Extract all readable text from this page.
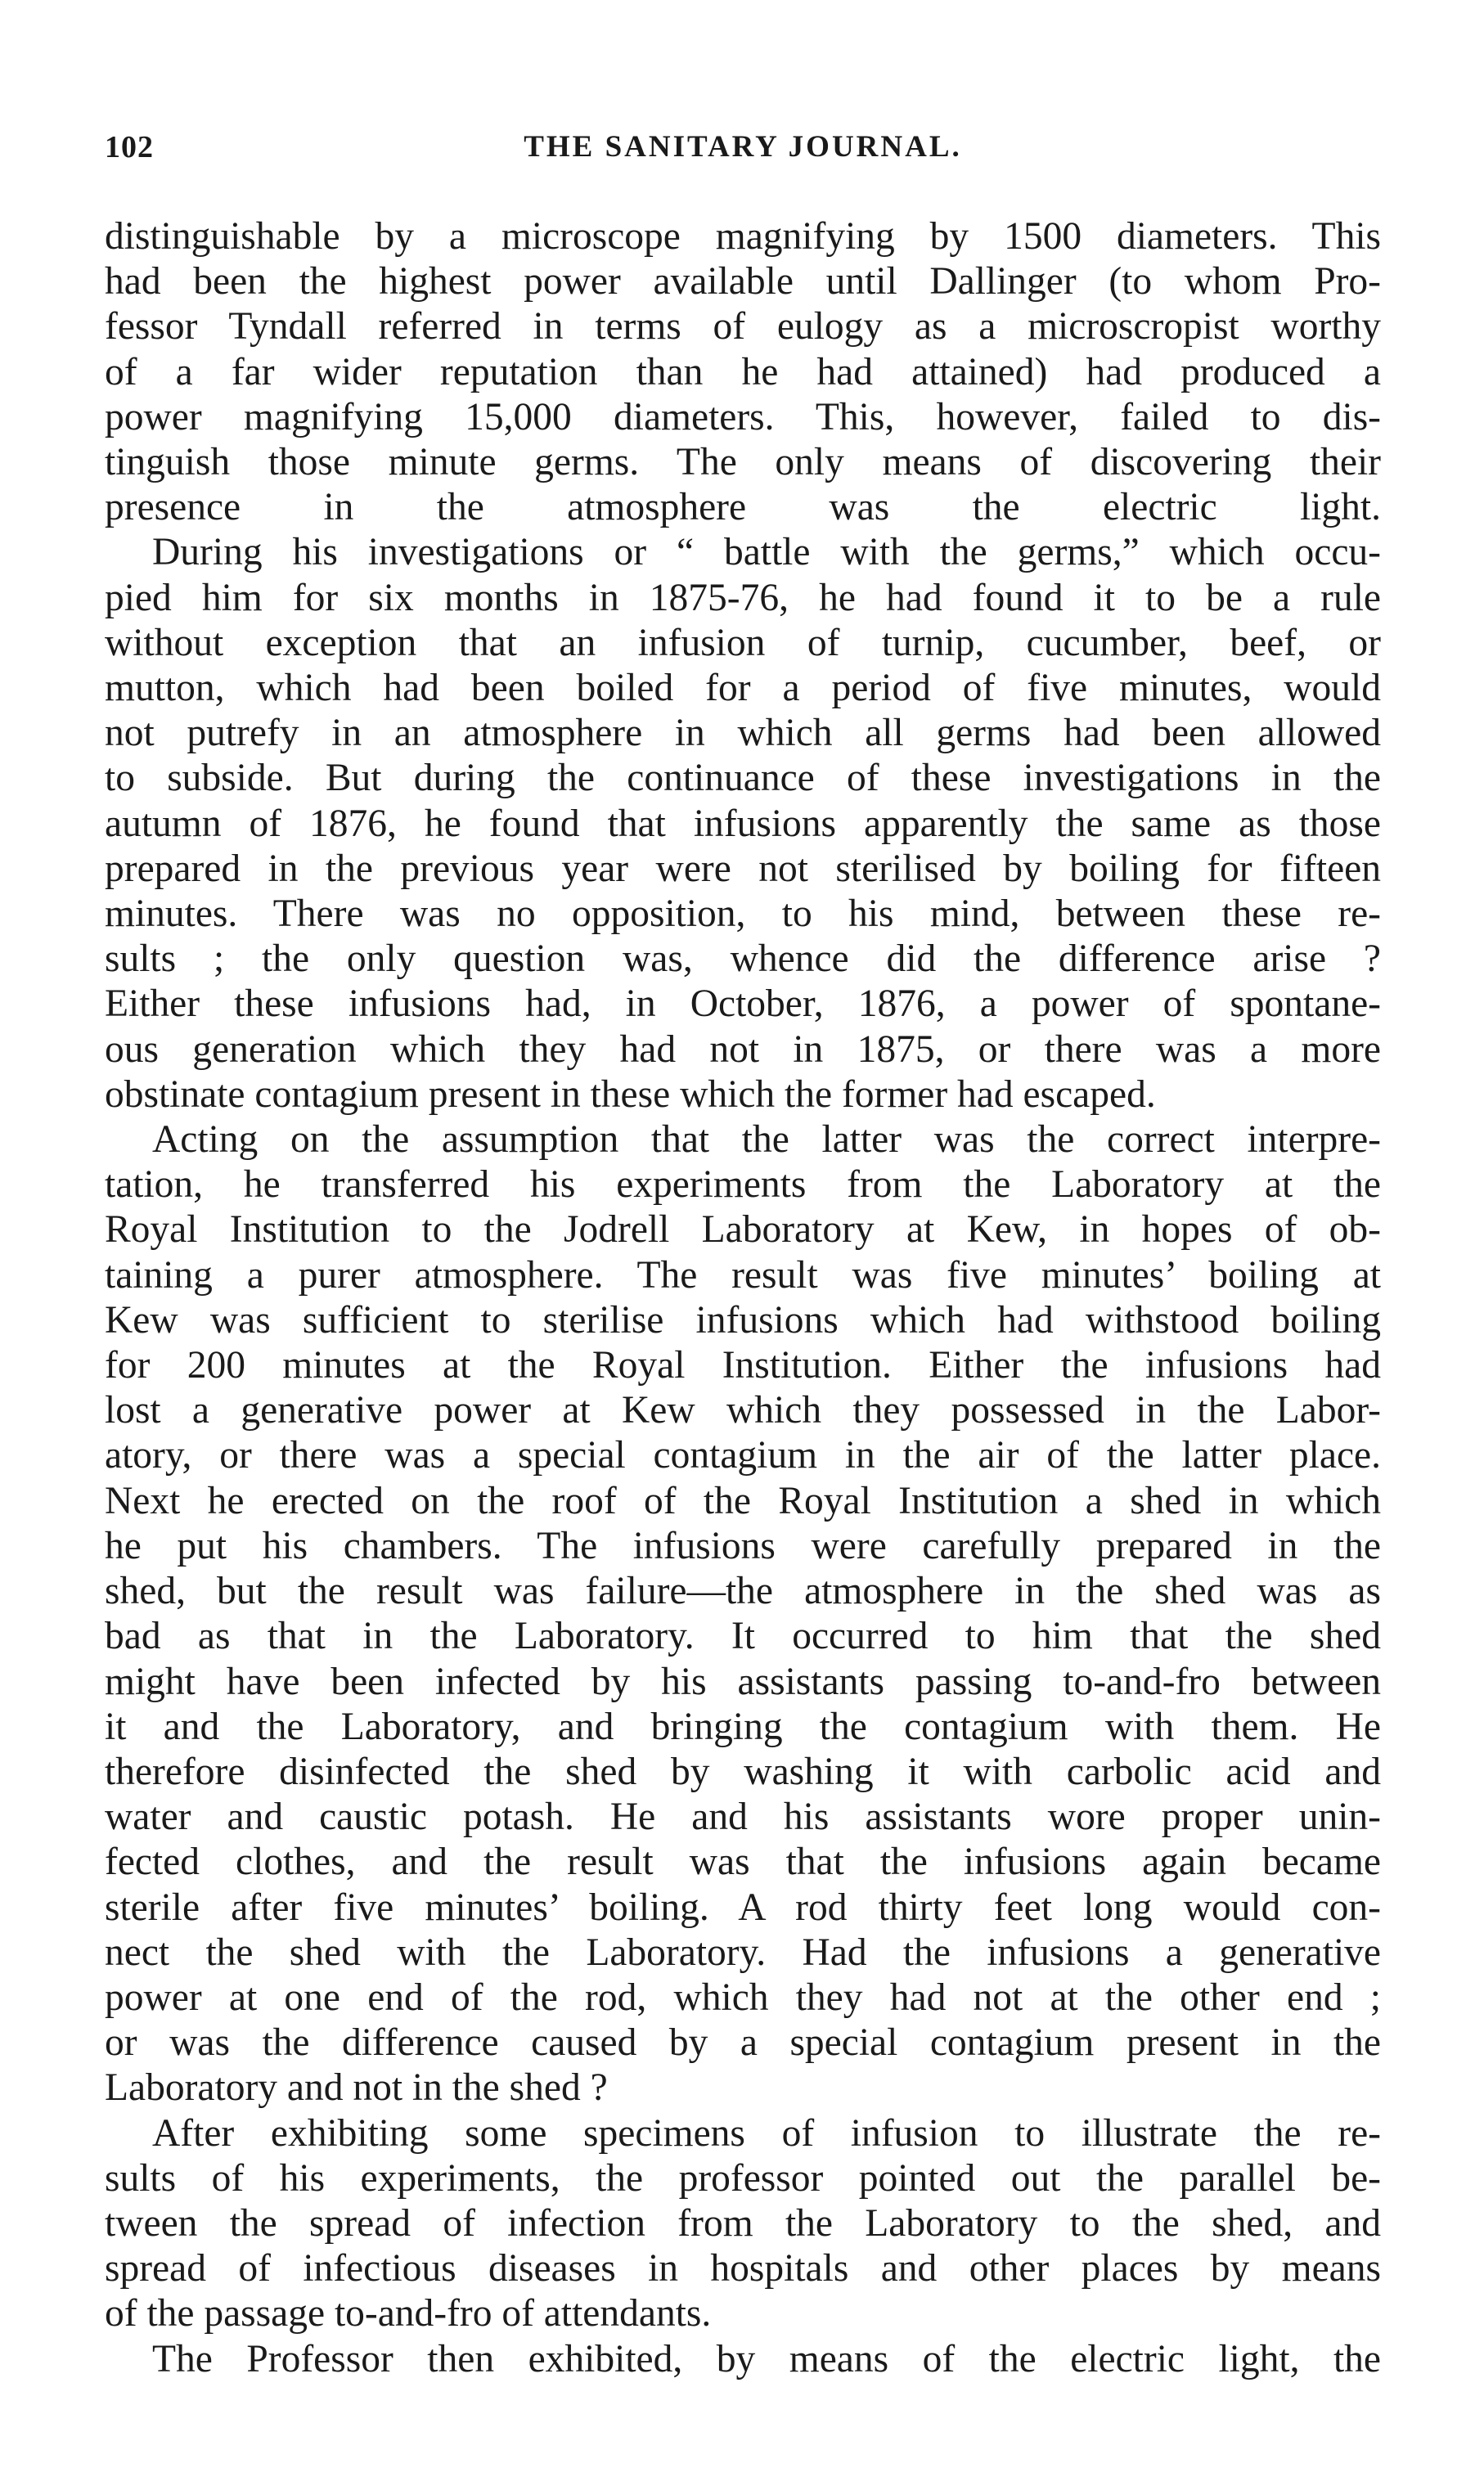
102	THE SANITARY JOURNAL.
distinguishable by a microscope magnifying by 1500 diameters. This
had been the highest power available until Dallinger (to whom Pro-
fessor Tyndall referred in terms of eulogy as a microscropist worthy
of a far wider reputation than he had attained) had produced a
power magnifying 15,000 diameters. This, however, failed to dis-
tinguish those minute germs. The only means of discovering their
presence in the atmosphere was the electric light.
During his investigations or “ battle with the germs,” which occu-
pied him for six months in 1875-76, he had found it to be a rule
without exception that an infusion of turnip, cucumber, beef, or
mutton, which had been boiled for a period of five minutes, would
not putrefy in an atmosphere in which all germs had been allowed
to subside. But during the continuance of these investigations in the
autumn of 1876, he found that infusions apparently the same as those
prepared in the previous year were not sterilised by boiling for fifteen
minutes. There was no opposition, to his mind, between these re-
sults ; the only question was, whence did the difference arise ?
Either these infusions had, in October, 1876, a power of spontane-
ous generation which they had not in 1875, or there was a more
obstinate contagium present in these which the former had escaped.
Acting on the assumption that the latter was the correct interpre-
tation, he transferred his experiments from the Laboratory at the
Royal Institution to the Jodrell Laboratory at Kew, in hopes of ob-
taining a purer atmosphere. The result was five minutes’ boiling at
Kew was sufficient to sterilise infusions which had withstood boiling
for 200 minutes at the Royal Institution. Either the infusions had
lost a generative power at Kew which they possessed in the Labor-
atory, or there was a special contagium in the air of the latter place.
Next he erected on the roof of the Royal Institution a shed in which
he put his chambers. The infusions were carefully prepared in the
shed, but the result was failure—the atmosphere in the shed was as
bad as that in the Laboratory. It occurred to him that the shed
might have been infected by his assistants passing to-and-fro between
it and the Laboratory, and bringing the contagium with them. He
therefore disinfected the shed by washing it with carbolic acid and
water and caustic potash. He and his assistants wore proper unin-
fected clothes, and the result was that the infusions again became
sterile after five minutes’ boiling. A rod thirty feet long would con-
nect the shed with the Laboratory. Had the infusions a generative
power at one end of the rod, which they had not at the other end ;
or was the difference caused by a special contagium present in the
Laboratory and not in the shed ?
After exhibiting some specimens of infusion to illustrate the re-
sults of his experiments, the professor pointed out the parallel be-
tween the spread of infection from the Laboratory to the shed, and
spread of infectious diseases in hospitals and other places by means
of the passage to-and-fro of attendants.
The Professor then exhibited, by means of the electric light, the
